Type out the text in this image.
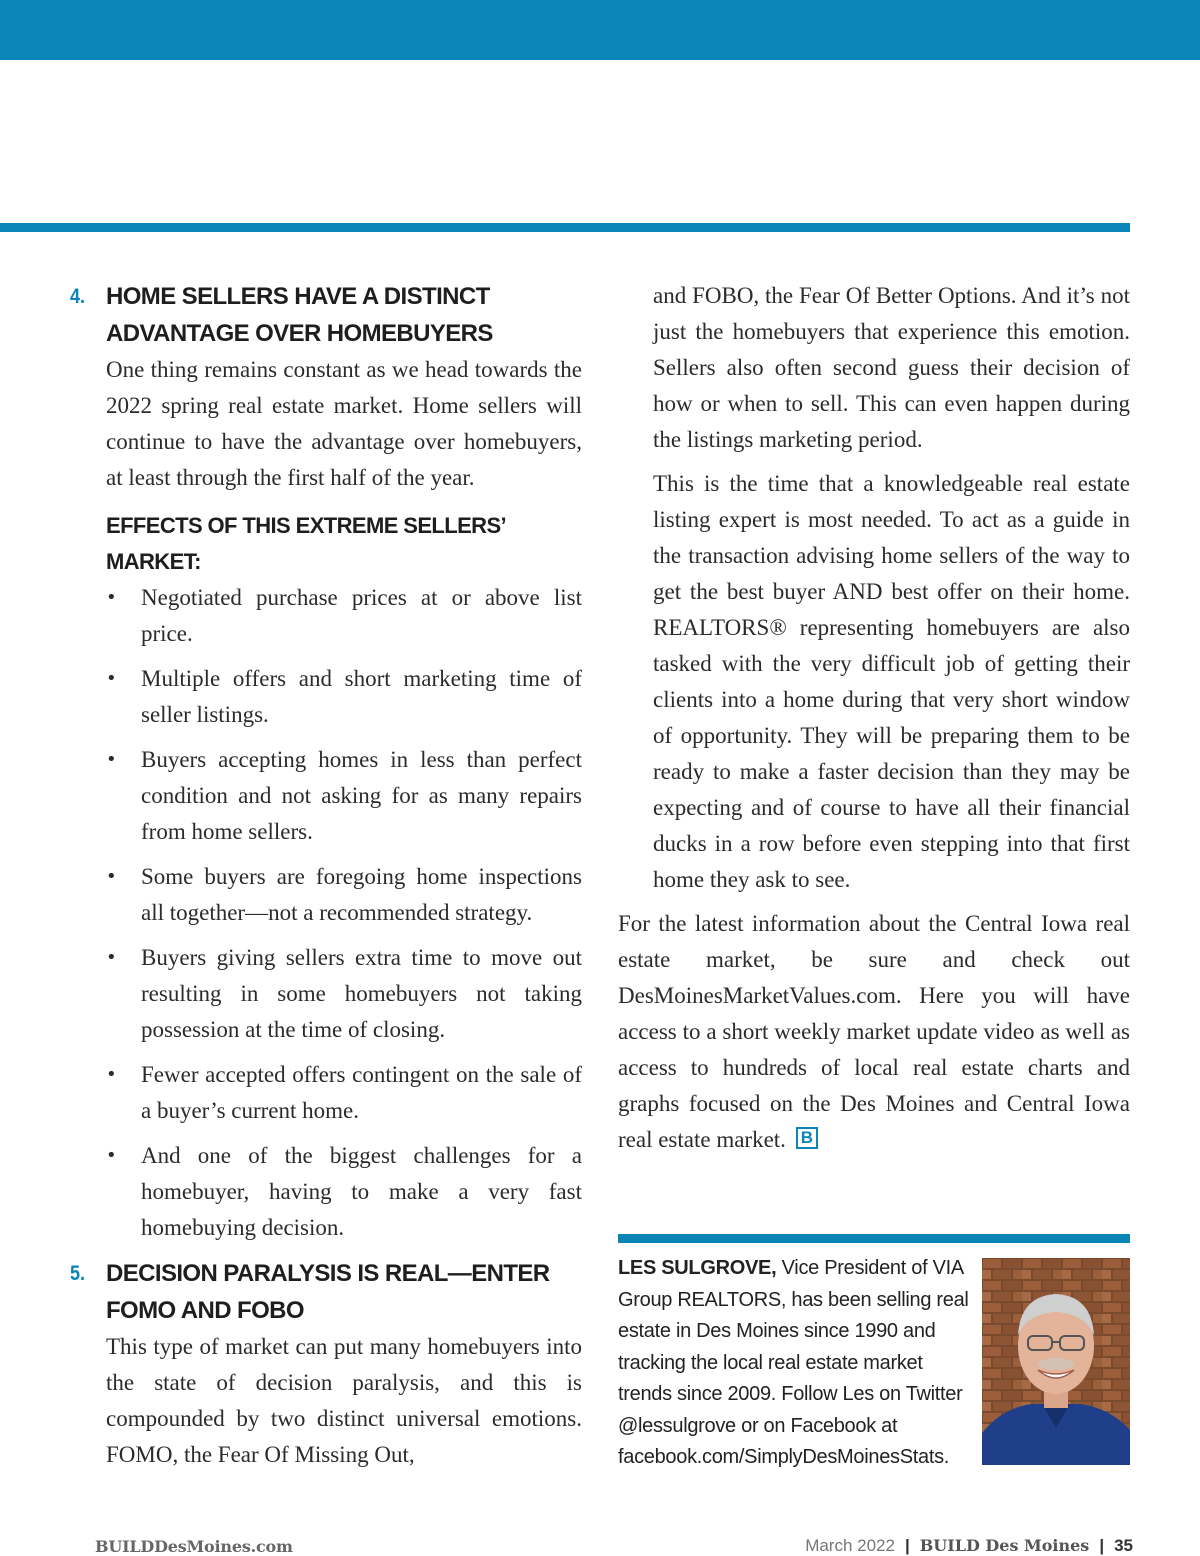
4. HOME SELLERS HAVE A DISTINCT ADVANTAGE OVER HOMEBUYERS

One thing remains constant as we head towards the 2022 spring real estate market. Home sellers will continue to have the advantage over homebuyers, at least through the first half of the year.

EFFECTS OF THIS EXTREME SELLERS’ MARKET:
• Negotiated purchase prices at or above list price.
• Multiple offers and short marketing time of seller listings.
• Buyers accepting homes in less than perfect condition and not asking for as many repairs from home sellers.
• Some buyers are foregoing home inspections all together—not a recommended strategy.
• Buyers giving sellers extra time to move out resulting in some homebuyers not taking possession at the time of closing.
• Fewer accepted offers contingent on the sale of a buyer’s current home.
• And one of the biggest challenges for a homebuyer, having to make a very fast homebuying decision.
5. DECISION PARALYSIS IS REAL—ENTER FOMO AND FOBO

This type of market can put many homebuyers into the state of decision paralysis, and this is compounded by two distinct universal emotions. FOMO, the Fear Of Missing Out,

and FOBO, the Fear Of Better Options. And it’s not just the homebuyers that experience this emotion. Sellers also often second guess their decision of how or when to sell. This can even happen during the listings marketing period.

This is the time that a knowledgeable real estate listing expert is most needed. To act as a guide in the transaction advising home sellers of the way to get the best buyer AND best offer on their home. REALTORS® representing homebuyers are also tasked with the very difficult job of getting their clients into a home during that very short window of opportunity. They will be preparing them to be ready to make a faster decision than they may be expecting and of course to have all their financial ducks in a row before even stepping into that first home they ask to see.

For the latest information about the Central Iowa real estate market, be sure and check out DesMoinesMarketValues.com. Here you will have access to a short weekly market update video as well as access to hundreds of local real estate charts and graphs focused on the Des Moines and Central Iowa real estate market. B

LES SULGROVE, Vice President of VIA Group REALTORS, has been selling real estate in Des Moines since 1990 and tracking the local real estate market trends since 2009. Follow Les on Twitter @lessulgrove or on Facebook at facebook.com/SimplyDesMoinesStats.
BUILDDesMoines.com	March 2022 | BUILD Des Moines | 35
